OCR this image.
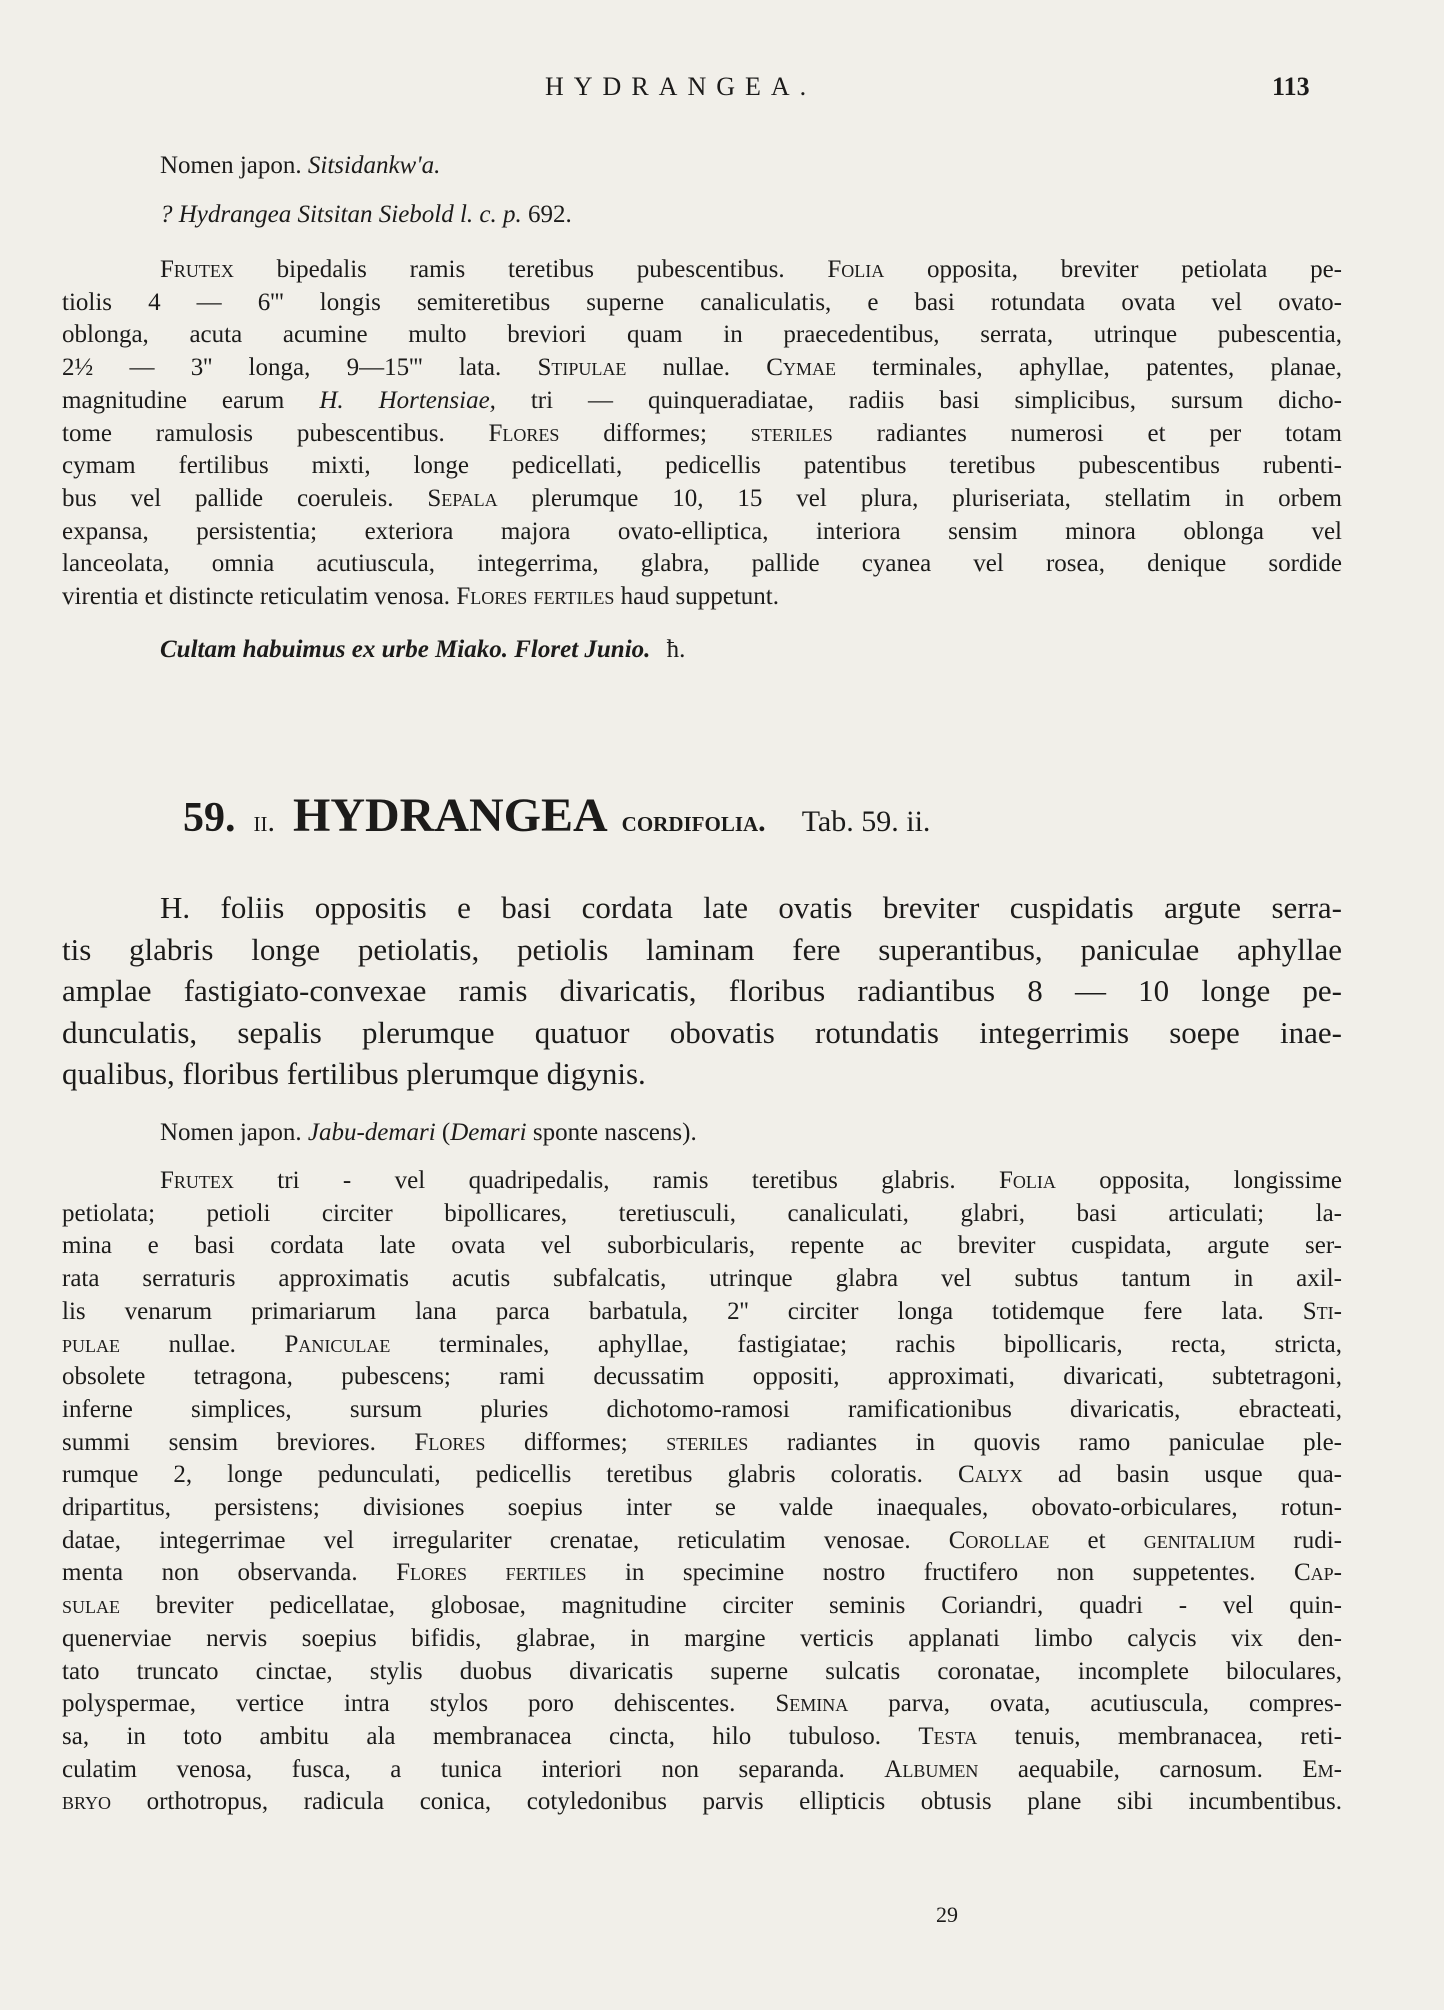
HYDRANGEA.	113
Nomen japon. Sitsidankw'a.
? Hydrangea Sitsitan Siebold l. c. p. 692.
Frutex bipedalis ramis teretibus pubescentibus. Folia opposita, breviter petiolata pe-
tiolis 4 — 6''' longis semiteretibus superne canaliculatis, e basi rotundata ovata vel ovato-
oblonga, acuta acumine multo breviori quam in praecedentibus, serrata, utrinque pubescentia,
2½ — 3'' longa, 9—15''' lata. Stipulae nullae. Cymae terminales, aphyllae, patentes, planae,
magnitudine earum H. Hortensiae, tri — quinqueradiatae, radiis basi simplicibus, sursum dicho-
tome ramulosis pubescentibus. Flores difformes; steriles radiantes numerosi et per totam
cymam fertilibus mixti, longe pedicellati, pedicellis patentibus teretibus pubescentibus rubenti-
bus vel pallide coeruleis. Sepala plerumque 10, 15 vel plura, pluriseriata, stellatim in orbem
expansa, persistentia; exteriora majora ovato-elliptica, interiora sensim minora oblonga vel
lanceolata, omnia acutiuscula, integerrima, glabra, pallide cyanea vel rosea, denique sordide
virentia et distincte reticulatim venosa. Flores fertiles haud suppetunt.
Cultam habuimus ex urbe Miako. Floret Junio. ħ.
59. ii. HYDRANGEA cordifolia. Tab. 59. ii.
H. foliis oppositis e basi cordata late ovatis breviter cuspidatis argute serra-
tis glabris longe petiolatis, petiolis laminam fere superantibus, paniculae aphyllae
amplae fastigiato-convexae ramis divaricatis, floribus radiantibus 8 — 10 longe pe-
dunculatis, sepalis plerumque quatuor obovatis rotundatis integerrimis soepe inae-
qualibus, floribus fertilibus plerumque digynis.
Nomen japon. Jabu-demari (Demari sponte nascens).
Frutex tri - vel quadripedalis, ramis teretibus glabris. Folia opposita, longissime
petiolata; petioli circiter bipollicares, teretiusculi, canaliculati, glabri, basi articulati; la-
mina e basi cordata late ovata vel suborbicularis, repente ac breviter cuspidata, argute ser-
rata serraturis approximatis acutis subfalcatis, utrinque glabra vel subtus tantum in axil-
lis venarum primariarum lana parca barbatula, 2'' circiter longa totidemque fere lata. Sti-
pulae nullae. Paniculae terminales, aphyllae, fastigiatae; rachis bipollicaris, recta, stricta,
obsolete tetragona, pubescens; rami decussatim oppositi, approximati, divaricati, subtetragoni,
inferne simplices, sursum pluries dichotomo-ramosi ramificationibus divaricatis, ebracteati,
summi sensim breviores. Flores difformes; steriles radiantes in quovis ramo paniculae ple-
rumque 2, longe pedunculati, pedicellis teretibus glabris coloratis. Calyx ad basin usque qua-
dripartitus, persistens; divisiones soepius inter se valde inaequales, obovato-orbiculares, rotun-
datae, integerrimae vel irregulariter crenatae, reticulatim venosae. Corollae et genitalium rudi-
menta non observanda. Flores fertiles in specimine nostro fructifero non suppetentes. Cap-
sulae breviter pedicellatae, globosae, magnitudine circiter seminis Coriandri, quadri - vel quin-
quenerviae nervis soepius bifidis, glabrae, in margine verticis applanati limbo calycis vix den-
tato truncato cinctae, stylis duobus divaricatis superne sulcatis coronatae, incomplete biloculares,
polyspermae, vertice intra stylos poro dehiscentes. Semina parva, ovata, acutiuscula, compres-
sa, in toto ambitu ala membranacea cincta, hilo tubuloso. Testa tenuis, membranacea, reti-
culatim venosa, fusca, a tunica interiori non separanda. Albumen aequabile, carnosum. Em-
bryo orthotropus, radicula conica, cotyledonibus parvis ellipticis obtusis plane sibi incumbentibus.
29
